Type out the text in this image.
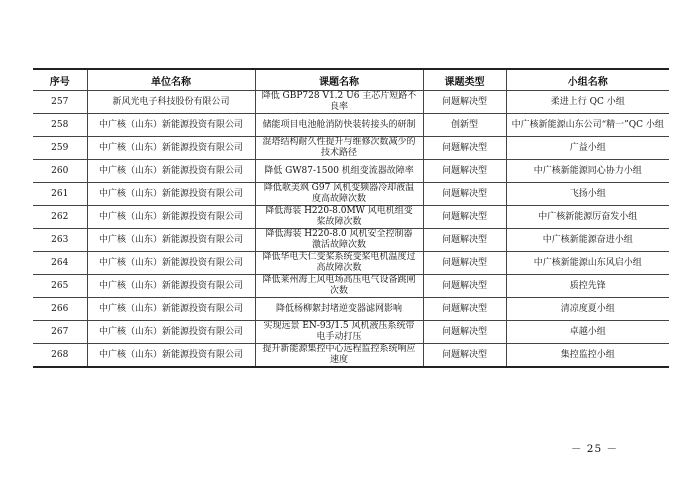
序号	单位名称	课题名称	课题类型	小组名称
257	新风光电子科技股份有限公司	降低 GBP728 V1.2 U6 主芯片短路不良率	问题解决型	柔进上行 QC 小组
258	中广核（山东）新能源投资有限公司	储能项目电池舱消防快装转接头的研制	创新型	中广核新能源山东公司“精一”QC 小组
259	中广核（山东）新能源投资有限公司	混塔结构耐久性提升与维修次数减少的技术路径	问题解决型	广益小组
260	中广核（山东）新能源投资有限公司	降低 GW87-1500 机组变流器故障率	问题解决型	中广核新能源同心协力小组
261	中广核（山东）新能源投资有限公司	降低歌美飒 G97 风机变频器冷却液温度高故障次数	问题解决型	飞扬小组
262	中广核（山东）新能源投资有限公司	降低海装 H220-8.0MW 风电机组变桨故障次数	问题解决型	中广核新能源厉奋发小组
263	中广核（山东）新能源投资有限公司	降低海装 H220-8.0 风机安全控制器激活故障次数	问题解决型	中广核新能源奋进小组
264	中广核（山东）新能源投资有限公司	降低华电天仁变桨系统变桨电机温度过高故障次数	问题解决型	中广核新能源山东风启小组
265	中广核（山东）新能源投资有限公司	降低莱州海上风电场高压电气设备跳闸次数	问题解决型	质控先锋
266	中广核（山东）新能源投资有限公司	降低杨柳絮封堵逆变器滤网影响	问题解决型	清凉度夏小组
267	中广核（山东）新能源投资有限公司	实现远景 EN-93/1.5 风机液压系统带电手动打压	问题解决型	卓越小组
268	中广核（山东）新能源投资有限公司	提升新能源集控中心远程监控系统响应速度	问题解决型	集控监控小组
－ 25 －
